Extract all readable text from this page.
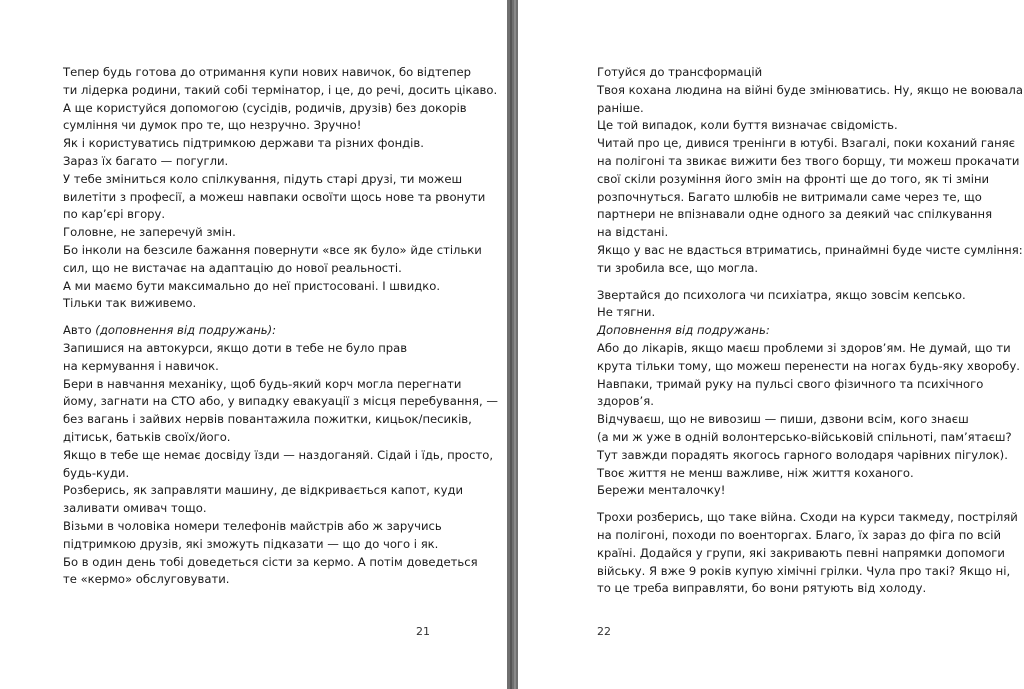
Тепер будь готова до отримання купи нових навичок, бо відтепер
ти лідерка родини, такий собі термінатор, і це, до речі, досить цікаво.
А ще користуйся допомогою (сусідів, родичів, друзів) без докорів
сумління чи думок про те, що незручно. Зручно!
Як і користуватись підтримкою держави та різних фондів.
Зараз їх багато — погугли.
У тебе зміниться коло спілкування, підуть старі друзі, ти можеш
вилетіти з професії, а можеш навпаки освоїти щось нове та рвонути
по кар’єрі вгору.
Головне, не заперечуй змін.
Бо інколи на безсиле бажання повернути «все як було» йде стільки
сил, що не вистачає на адаптацію до нової реальності.
А ми маємо бути максимально до неї пристосовані. І швидко.
Тільки так виживемо.
Авто (доповнення від подружань):
Запишися на автокурси, якщо доти в тебе не було прав
на кермування і навичок.
Бери в навчання механіку, щоб будь-який корч могла перегнати
йому, загнати на СТО або, у випадку евакуації з місця перебування, —
без вагань і зайвих нервів повантажила пожитки, кицьок/песиків,
дітиськ, батьків своїх/його.
Якщо в тебе ще немає досвіду їзди — наздоганяй. Сідай і їдь, просто,
будь-куди.
Розберись, як заправляти машину, де відкривається капот, куди
заливати омивач тощо.
Візьми в чоловіка номери телефонів майстрів або ж заручись
підтримкою друзів, які зможуть підказати — що до чого і як.
Бо в один день тобі доведеться сісти за кермо. А потім доведеться
те «кермо» обслуговувати.
21
Готуйся до трансформацій
Твоя кохана людина на війні буде змінюватись. Ну, якщо не воювала
раніше.
Це той випадок, коли буття визначає свідомість.
Читай про це, дивися тренінги в ютубі. Взагалі, поки коханий ганяє
на полігоні та звикає вижити без твого борщу, ти можеш прокачати
свої скіли розуміння його змін на фронті ще до того, як ті зміни
розпочнуться. Багато шлюбів не витримали саме через те, що
партнери не впізнавали одне одного за деякий час спілкування
на відстані.
Якщо у вас не вдасться втриматись, принаймні буде чисте сумління:
ти зробила все, що могла.
Звертайся до психолога чи психіатра, якщо зовсім кепсько.
Не тягни.
Доповнення від подружань:
Або до лікарів, якщо маєш проблеми зі здоров’ям. Не думай, що ти
крута тільки тому, що можеш перенести на ногах будь-яку хворобу.
Навпаки, тримай руку на пульсі свого фізичного та психічного
здоров’я.
Відчуваєш, що не вивозиш — пиши, дзвони всім, кого знаєш
(а ми ж уже в одній волонтерсько-військовій спільноті, пам’ятаєш?
Тут завжди порадять якогось гарного володаря чарівних пігулок).
Твоє життя не менш важливе, ніж життя коханого.
Бережи менталочку!
Трохи розберись, що таке війна. Сходи на курси такмеду, постріляй
на полігоні, походи по военторгах. Благо, їх зараз до фіга по всій
країні. Додайся у групи, які закривають певні напрямки допомоги
війську. Я вже 9 років купую хімічні грілки. Чула про такі? Якщо ні,
то це треба виправляти, бо вони рятують від холоду.
22
